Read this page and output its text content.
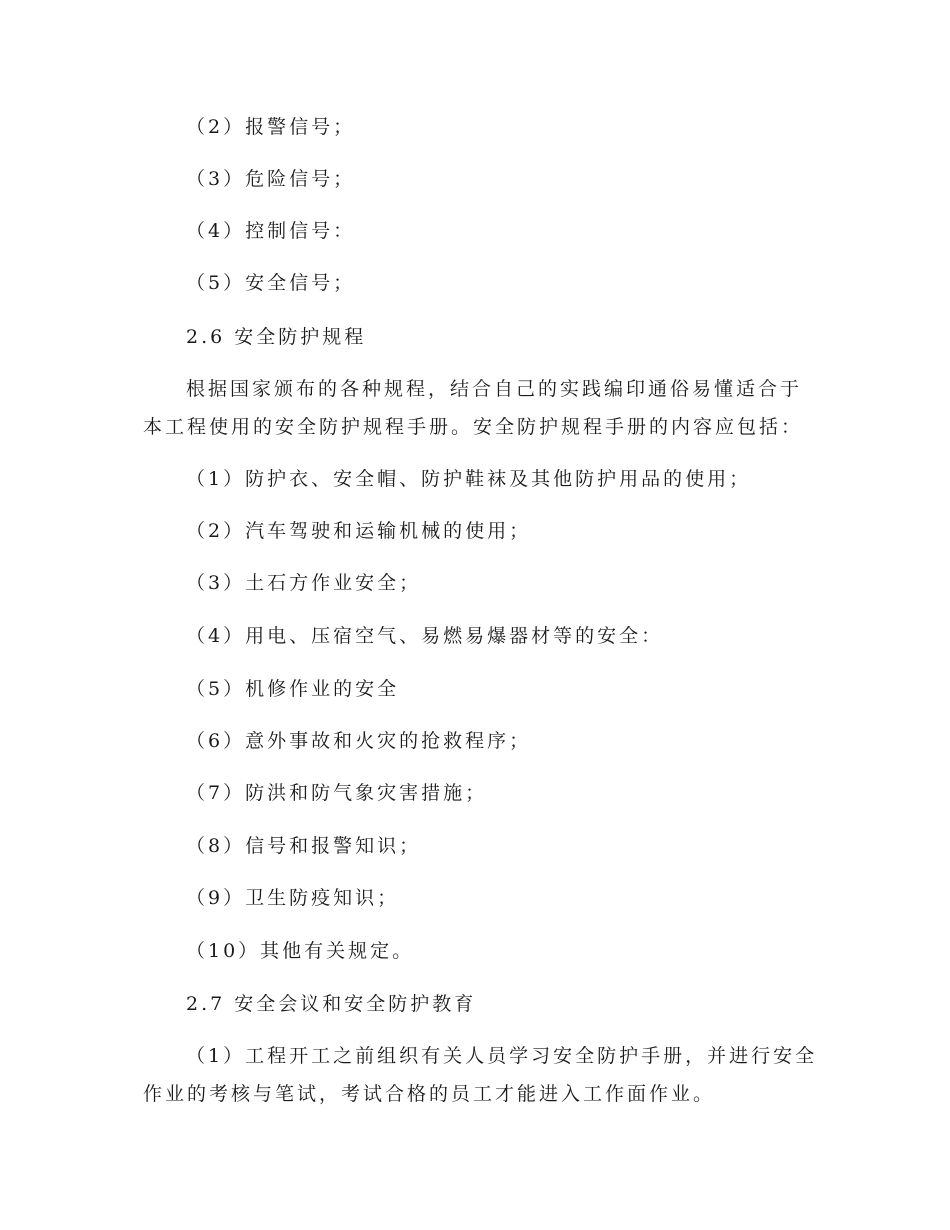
（2）报警信号；
（3）危险信号；
（4）控制信号：
（5）安全信号；
2.6 安全防护规程
根据国家颁布的各种规程，结合自己的实践编印通俗易懂适合于
本工程使用的安全防护规程手册。安全防护规程手册的内容应包括：
（1）防护衣、安全帽、防护鞋袜及其他防护用品的使用；
（2）汽车驾驶和运输机械的使用；
（3）土石方作业安全；
（4）用电、压宿空气、易燃易爆器材等的安全：
（5）机修作业的安全
（6）意外事故和火灾的抢救程序；
（7）防洪和防气象灾害措施；
（8）信号和报警知识；
（9）卫生防疫知识；
（10）其他有关规定。
2.7 安全会议和安全防护教育
（1）工程开工之前组织有关人员学习安全防护手册，并进行安全
作业的考核与笔试，考试合格的员工才能进入工作面作业。
